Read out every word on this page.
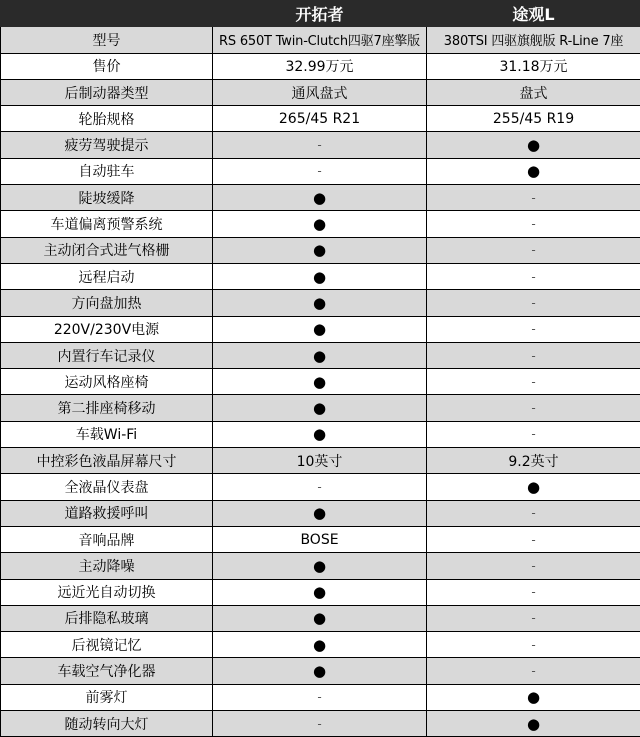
	开拓者	途观L
型号	RS 650T Twin-Clutch四驱7座擎版	380TSI 四驱旗舰版 R-Line 7座
售价	32.99万元	31.18万元
后制动器类型	通风盘式	盘式
轮胎规格	265/45 R21	255/45 R19
疲劳驾驶提示	-	●
自动驻车	-	●
陡坡缓降	●	-
车道偏离预警系统	●	-
主动闭合式进气格栅	●	-
远程启动	●	-
方向盘加热	●	-
220V/230V电源	●	-
内置行车记录仪	●	-
运动风格座椅	●	-
第二排座椅移动	●	-
车载Wi-Fi	●	-
中控彩色液晶屏幕尺寸	10英寸	9.2英寸
全液晶仪表盘	-	●
道路救援呼叫	●	-
音响品牌	BOSE	-
主动降噪	●	-
远近光自动切换	●	-
后排隐私玻璃	●	-
后视镜记忆	●	-
车载空气净化器	●	-
前雾灯	-	●
随动转向大灯	-	●
